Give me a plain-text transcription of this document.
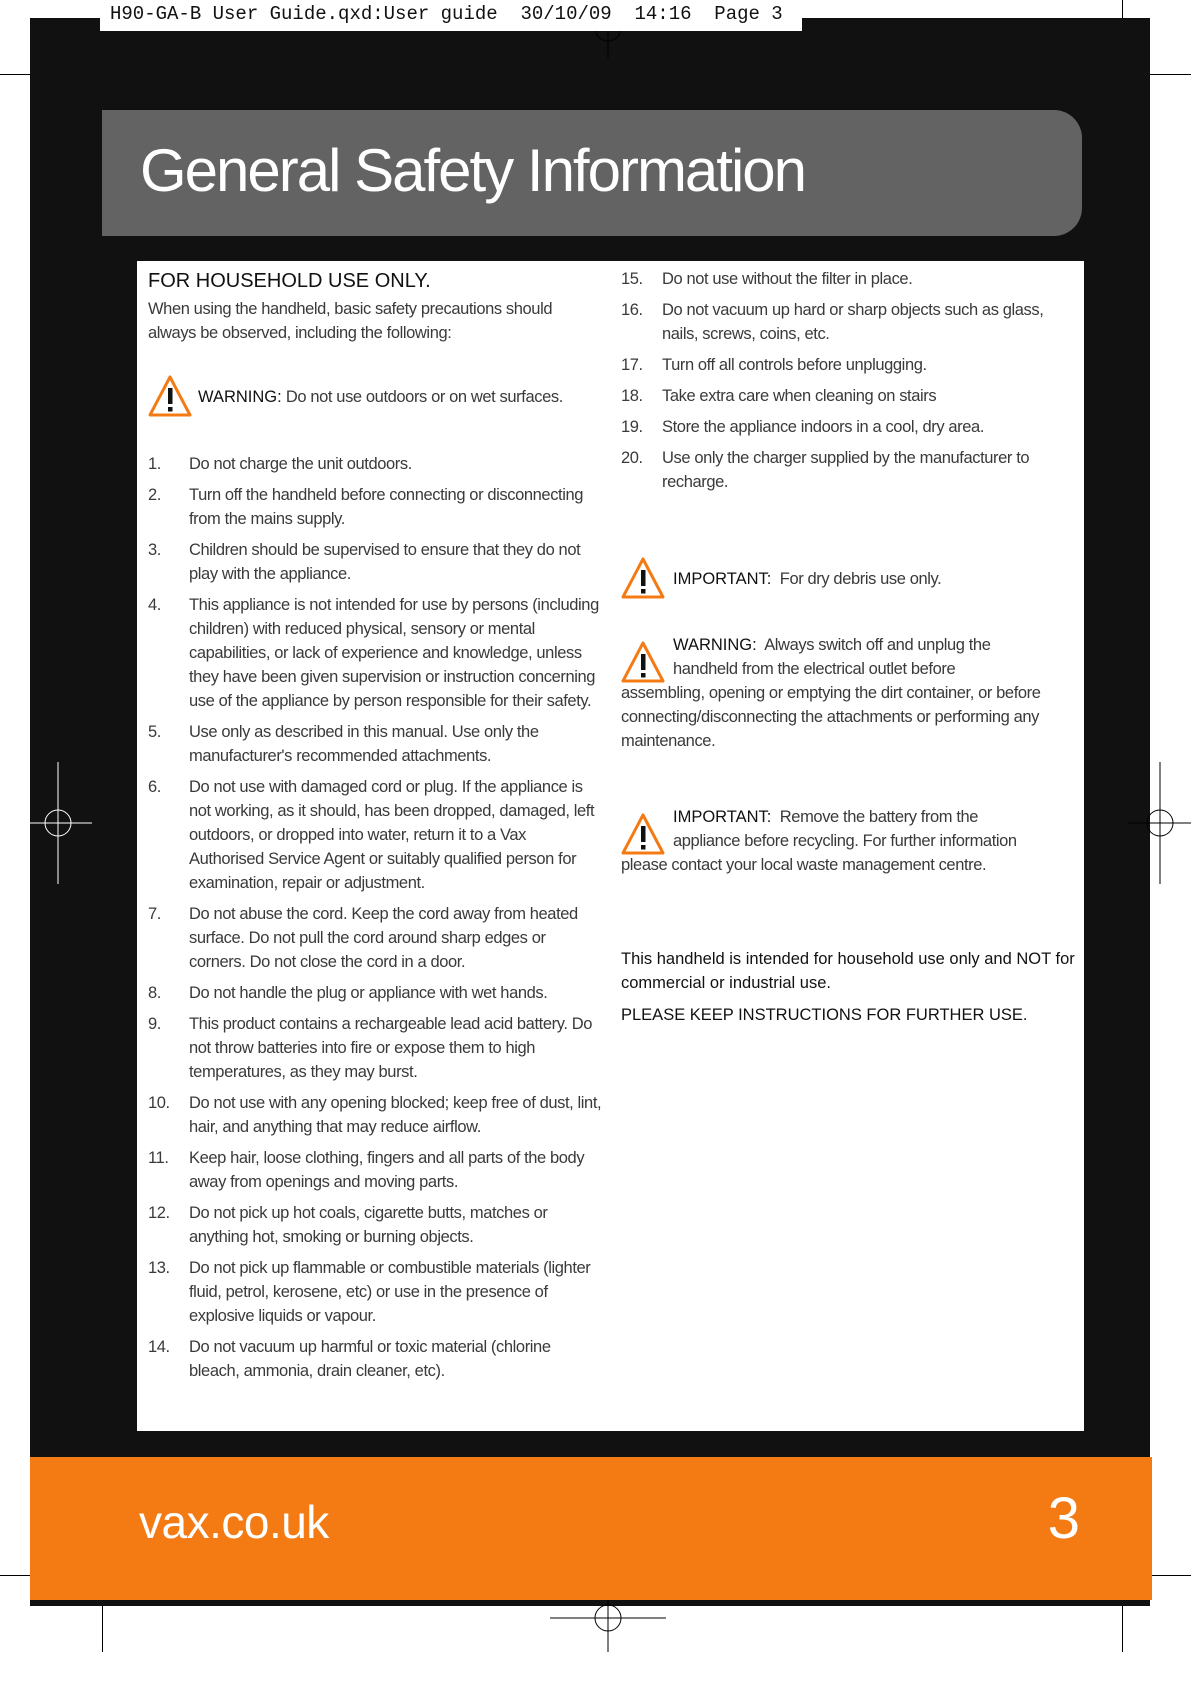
H90-GA-B User Guide.qxd:User guide  30/10/09  14:16  Page 3
General Safety Information
FOR HOUSEHOLD USE ONLY.

When using the handheld, basic safety precautions should always be observed, including the following:

WARNING: Do not use outdoors or on wet surfaces.
1.	Do not charge the unit outdoors.
2.	Turn off the handheld before connecting or disconnecting from the mains supply.
3.	Children should be supervised to ensure that they do not play with the appliance.
4.	This appliance is not intended for use by persons (including children) with reduced physical, sensory or mental capabilities, or lack of experience and knowledge, unless they have been given supervision or instruction concerning use of the appliance by person responsible for their safety.
5.	Use only as described in this manual. Use only the manufacturer's recommended attachments.
6.	Do not use with damaged cord or plug. If the appliance is not working, as it should, has been dropped, damaged, left outdoors, or dropped into water, return it to a Vax Authorised Service Agent or suitably qualified person for examination, repair or adjustment.
7.	Do not abuse the cord. Keep the cord away from heated surface. Do not pull the cord around sharp edges or corners. Do not close the cord in a door.
8.	Do not handle the plug or appliance with wet hands.
9.	This product contains a rechargeable lead acid battery. Do not throw batteries into fire or expose them to high temperatures, as they may burst.
10.	Do not use with any opening blocked; keep free of dust, lint, hair, and anything that may reduce airflow.
11.	Keep hair, loose clothing, fingers and all parts of the body away from openings and moving parts.
12.	Do not pick up hot coals, cigarette butts, matches or anything hot, smoking or burning objects.
13.	Do not pick up flammable or combustible materials (lighter fluid, petrol, kerosene, etc) or use in the presence of explosive liquids or vapour.
14.	Do not vacuum up harmful or toxic material (chlorine bleach, ammonia, drain cleaner, etc).
15.	Do not use without the filter in place.
16.	Do not vacuum up hard or sharp objects such as glass, nails, screws, coins, etc.
17.	Turn off all controls before unplugging.
18.	Take extra care when cleaning on stairs
19.	Store the appliance indoors in a cool, dry area.
20.	Use only the charger supplied by the manufacturer to recharge.
IMPORTANT: For dry debris use only.
WARNING: Always switch off and unplug the
handheld from the electrical outlet before
assembling, opening or emptying the dirt container, or before connecting/disconnecting the attachments or performing any maintenance.
IMPORTANT: Remove the battery from the
appliance before recycling. For further information
please contact your local waste management centre.

This handheld is intended for household use only and NOT for commercial or industrial use.

PLEASE KEEP INSTRUCTIONS FOR FURTHER USE.

vax.co.uk	3
